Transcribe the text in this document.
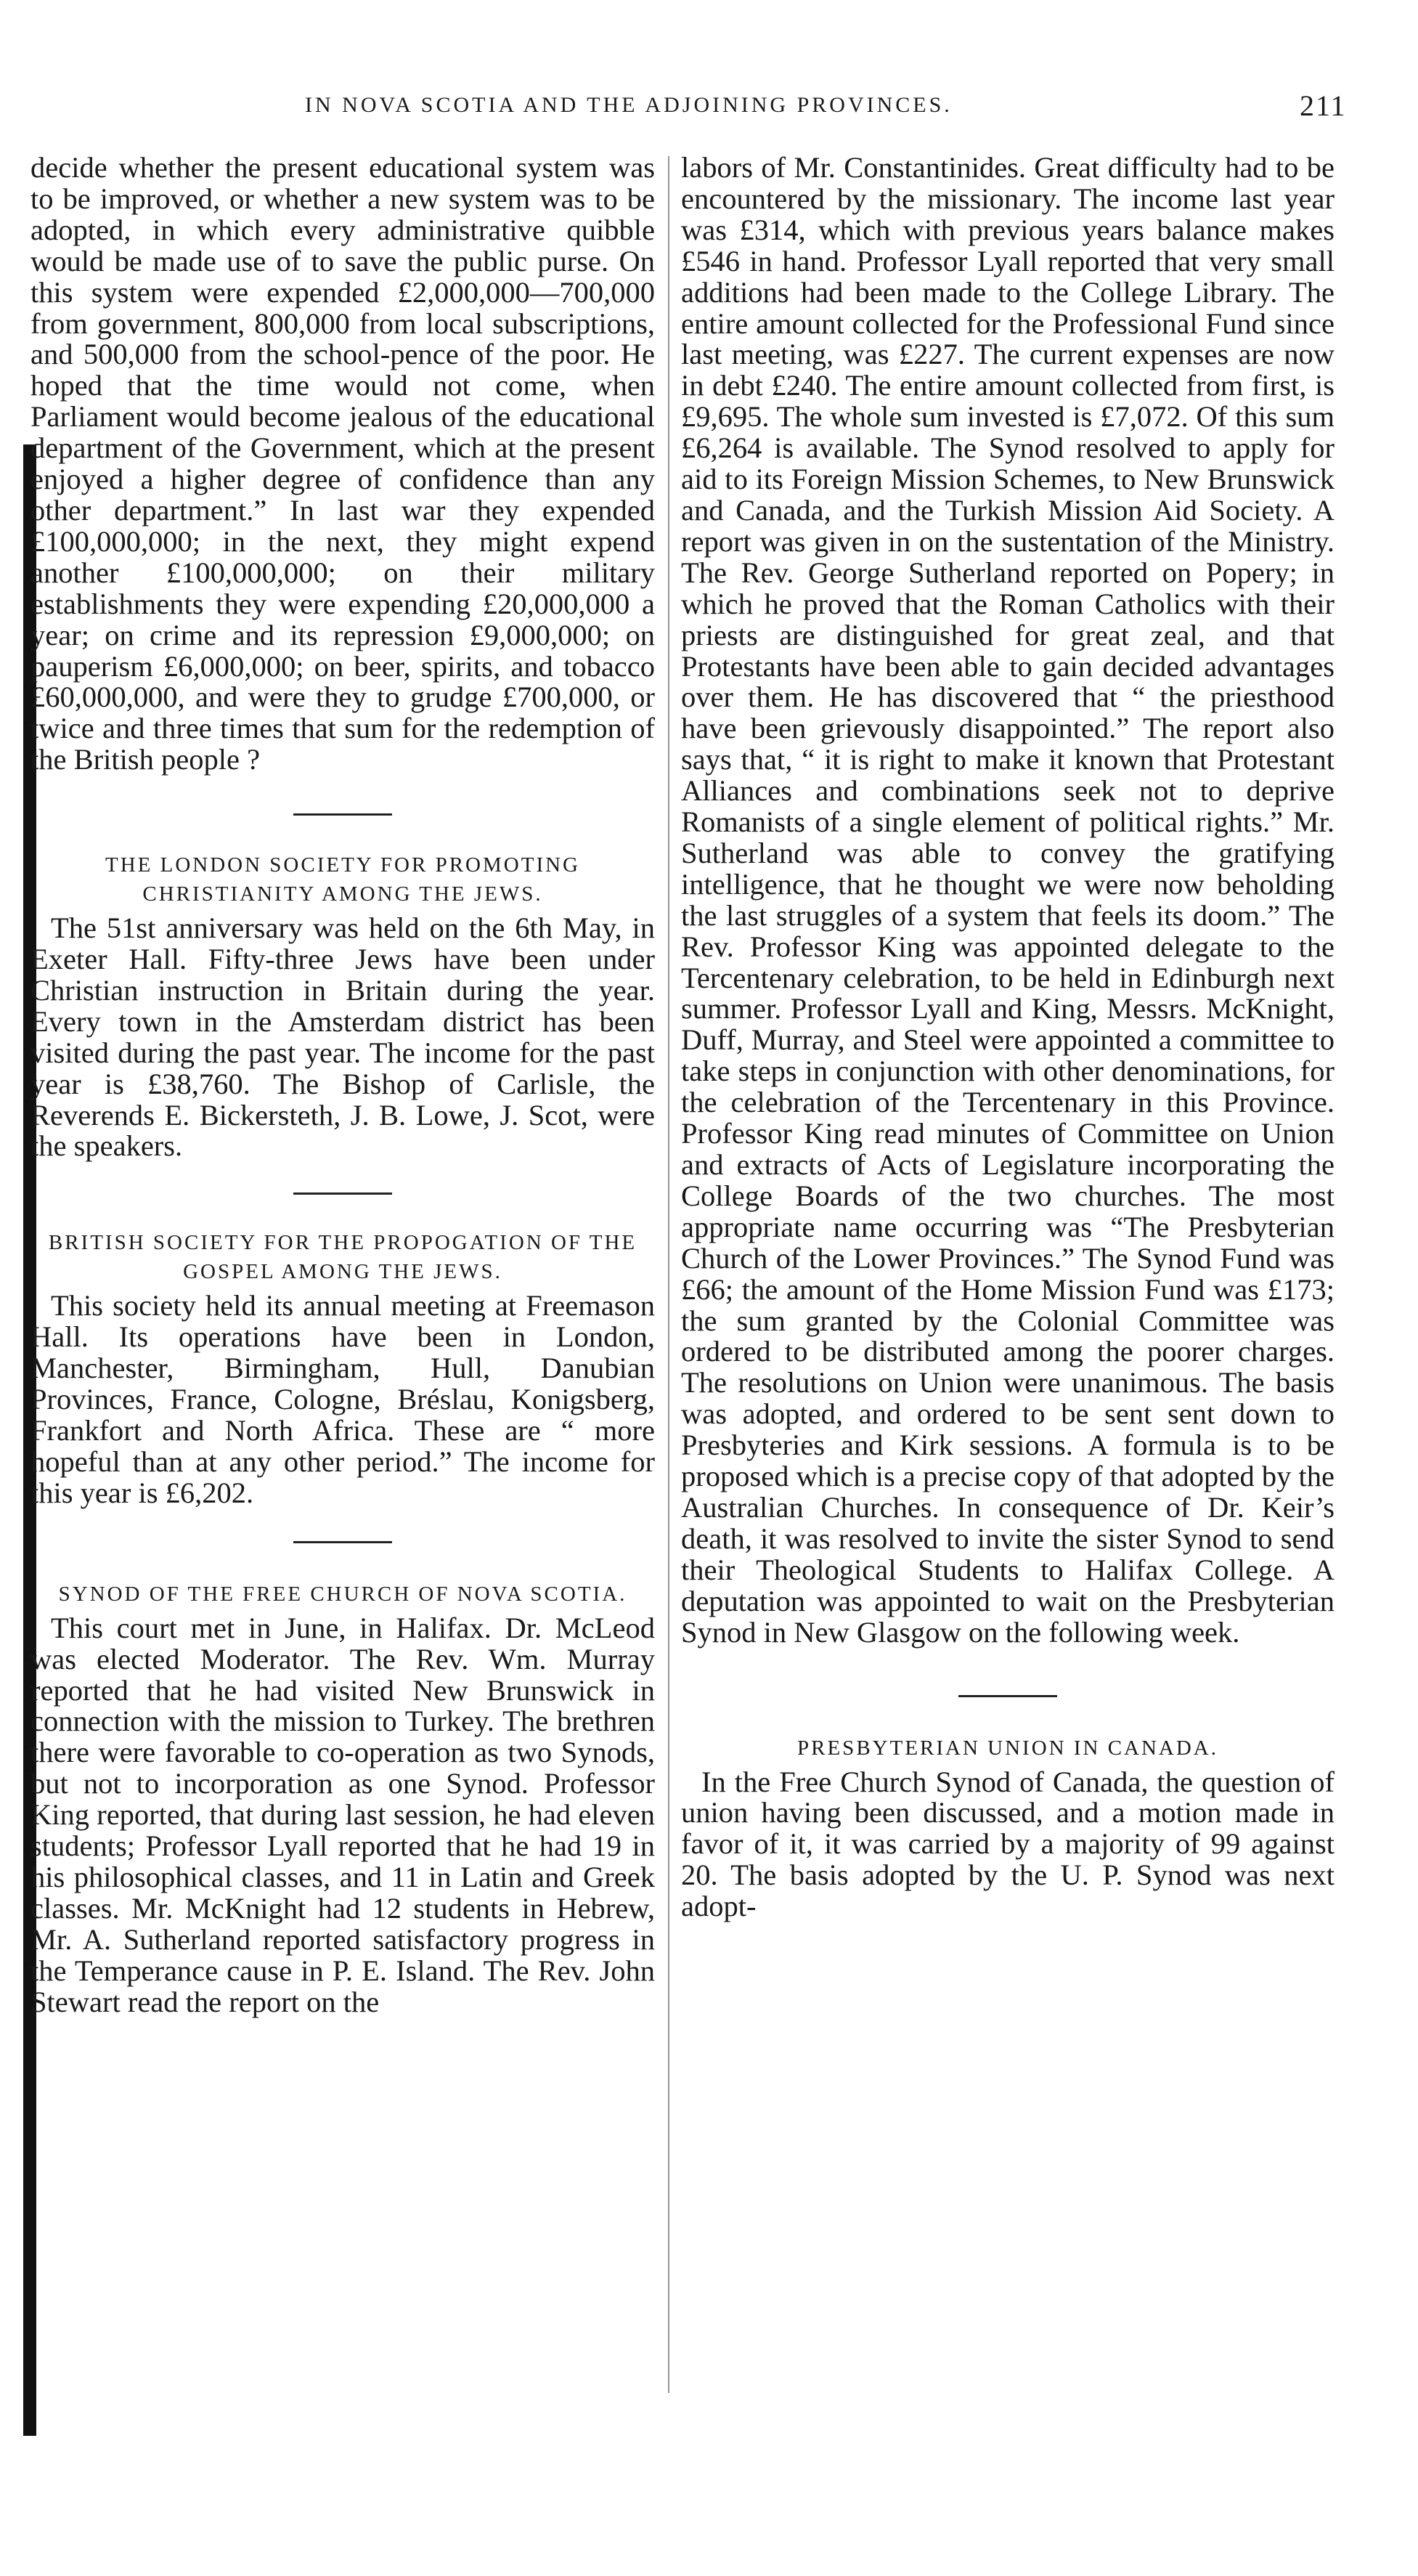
IN NOVA SCOTIA AND THE ADJOINING PROVINCES.	211

decide whether the present educational system was to be improved, or whether a new system was to be adopted, in which every administrative quibble would be made use of to save the public purse. On this system were expended £2,000,000—700,000 from government, 800,000 from local subscriptions, and 500,000 from the school-pence of the poor. He hoped that the time would not come, when Parliament would become jealous of the educational department of the Government, which at the present enjoyed a higher degree of confidence than any other department.” In last war they expended £100,000,000; in the next, they might expend another £100,000,000; on their military establishments they were expending £20,000,000 a year; on crime and its repression £9,000,000; on pauperism £6,000,000; on beer, spirits, and tobacco £60,000,000, and were they to grudge £700,000, or twice and three times that sum for the redemption of the British people ?

THE LONDON SOCIETY FOR PROMOTING CHRISTIANITY AMONG THE JEWS.

The 51st anniversary was held on the 6th May, in Exeter Hall. Fifty-three Jews have been under Christian instruction in Britain during the year. Every town in the Amsterdam district has been visited during the past year. The income for the past year is £38,760. The Bishop of Carlisle, the Reverends E. Bickersteth, J. B. Lowe, J. Scot, were the speakers.

BRITISH SOCIETY FOR THE PROPOGATION OF THE GOSPEL AMONG THE JEWS.

This society held its annual meeting at Freemason Hall. Its operations have been in London, Manchester, Birmingham, Hull, Danubian Provinces, France, Cologne, Bréslau, Konigsberg, Frankfort and North Africa. These are “ more hopeful than at any other period.” The income for this year is £6,202.

SYNOD OF THE FREE CHURCH OF NOVA SCOTIA.

This court met in June, in Halifax. Dr. McLeod was elected Moderator. The Rev. Wm. Murray reported that he had visited New Brunswick in connection with the mission to Turkey. The brethren there were favorable to co-operation as two Synods, but not to incorporation as one Synod. Professor King reported, that during last session, he had eleven students; Professor Lyall reported that he had 19 in his philosophical classes, and 11 in Latin and Greek classes. Mr. McKnight had 12 students in Hebrew, Mr. A. Sutherland reported satisfactory progress in the Temperance cause in P. E. Island. The Rev. John Stewart read the report on the

labors of Mr. Constantinides. Great difficulty had to be encountered by the missionary. The income last year was £314, which with previous years balance makes £546 in hand. Professor Lyall reported that very small additions had been made to the College Library. The entire amount collected for the Professional Fund since last meeting, was £227. The current expenses are now in debt £240. The entire amount collected from first, is £9,695. The whole sum invested is £7,072. Of this sum £6,264 is available. The Synod resolved to apply for aid to its Foreign Mission Schemes, to New Brunswick and Canada, and the Turkish Mission Aid Society. A report was given in on the sustentation of the Ministry. The Rev. George Sutherland reported on Popery; in which he proved that the Roman Catholics with their priests are distinguished for great zeal, and that Protestants have been able to gain decided advantages over them. He has discovered that “ the priesthood have been grievously disappointed.” The report also says that, “ it is right to make it known that Protestant Alliances and combinations seek not to deprive Romanists of a single element of political rights.” Mr. Sutherland was able to convey the gratifying intelligence, that he thought we were now beholding the last struggles of a system that feels its doom.” The Rev. Professor King was appointed delegate to the Tercentenary celebration, to be held in Edinburgh next summer. Professor Lyall and King, Messrs. McKnight, Duff, Murray, and Steel were appointed a committee to take steps in conjunction with other denominations, for the celebration of the Tercentenary in this Province. Professor King read minutes of Committee on Union and extracts of Acts of Legislature incorporating the College Boards of the two churches. The most appropriate name occurring was “The Presbyterian Church of the Lower Provinces.” The Synod Fund was £66; the amount of the Home Mission Fund was £173; the sum granted by the Colonial Committee was ordered to be distributed among the poorer charges. The resolutions on Union were unanimous. The basis was adopted, and ordered to be sent sent down to Presbyteries and Kirk sessions. A formula is to be proposed which is a precise copy of that adopted by the Australian Churches. In consequence of Dr. Keir’s death, it was resolved to invite the sister Synod to send their Theological Students to Halifax College. A deputation was appointed to wait on the Presbyterian Synod in New Glasgow on the following week.

PRESBYTERIAN UNION IN CANADA.

In the Free Church Synod of Canada, the question of union having been discussed, and a motion made in favor of it, it was carried by a majority of 99 against 20. The basis adopted by the U. P. Synod was next adopt-
